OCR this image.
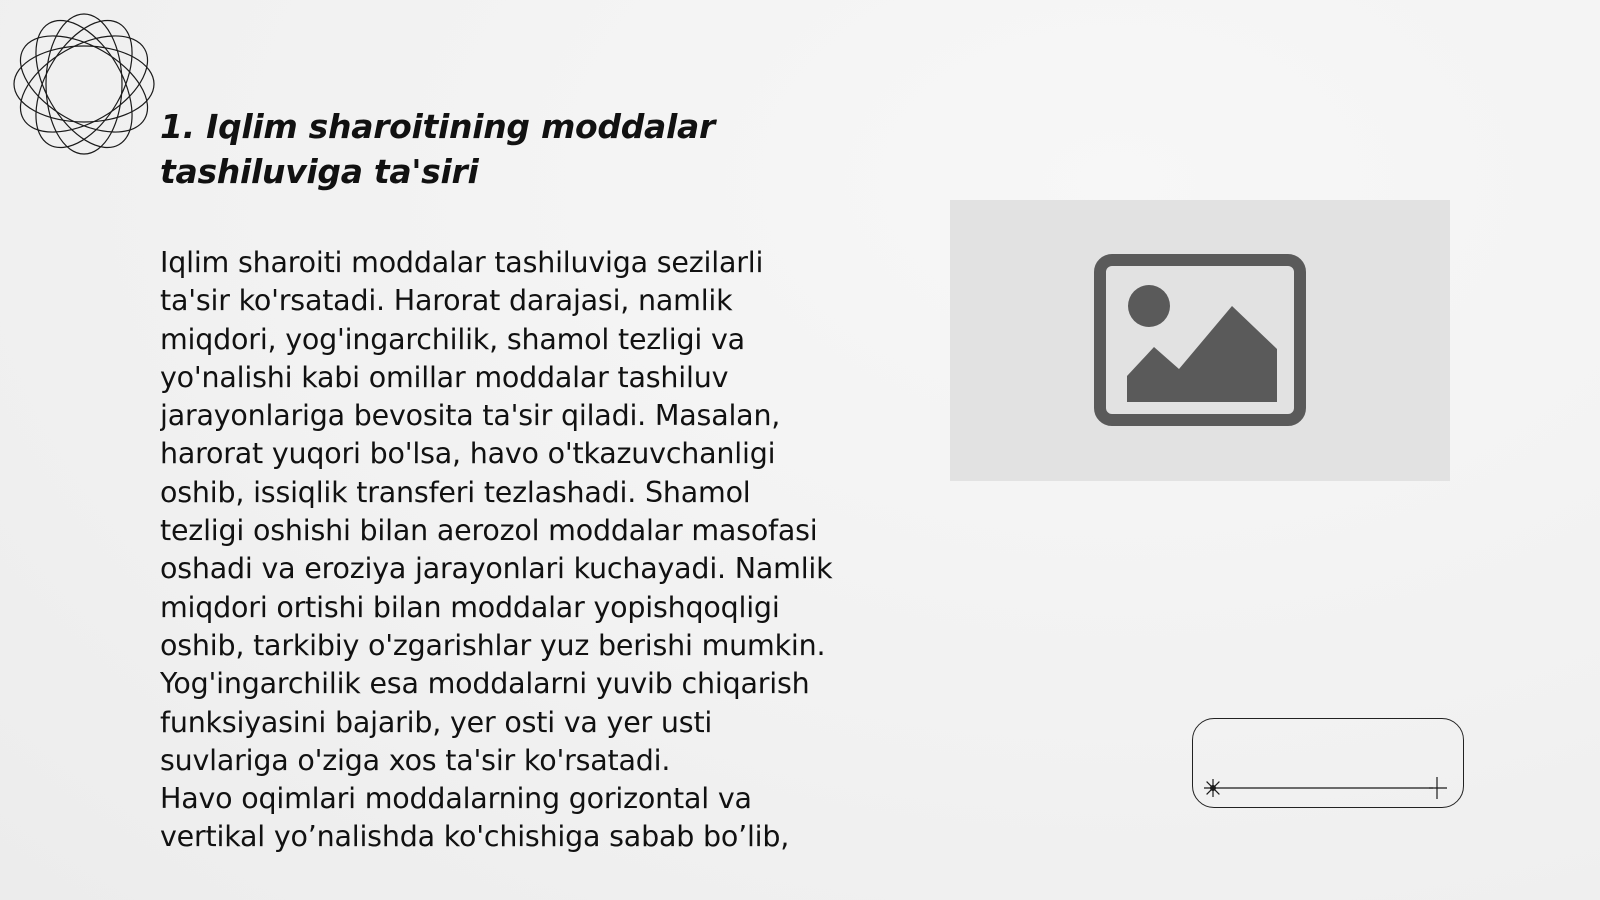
1. Iqlim sharoitining moddalar tashiluviga ta'siri

Iqlim sharoiti moddalar tashiluviga sezilarli ta'sir ko'rsatadi. Harorat darajasi, namlik miqdori, yog'ingarchilik, shamol tezligi va yo'nalishi kabi omillar moddalar tashiluv jarayonlariga bevosita ta'sir qiladi. Masalan, harorat yuqori bo'lsa, havo o'tkazuvchanligi oshib, issiqlik transferi tezlashadi. Shamol tezligi oshishi bilan aerozol moddalar masofasi oshadi va eroziya jarayonlari kuchayadi. Namlik miqdori ortishi bilan moddalar yopishqoqligi oshib, tarkibiy o'zgarishlar yuz berishi mumkin.
Yog'ingarchilik esa moddalarni yuvib chiqarish funksiyasini bajarib, yer osti va yer usti suvlariga o'ziga xos ta'sir ko'rsatadi.
Havo oqimlari moddalarning gorizontal va vertikal yo’nalishda ko'chishiga sabab bo’lib,
